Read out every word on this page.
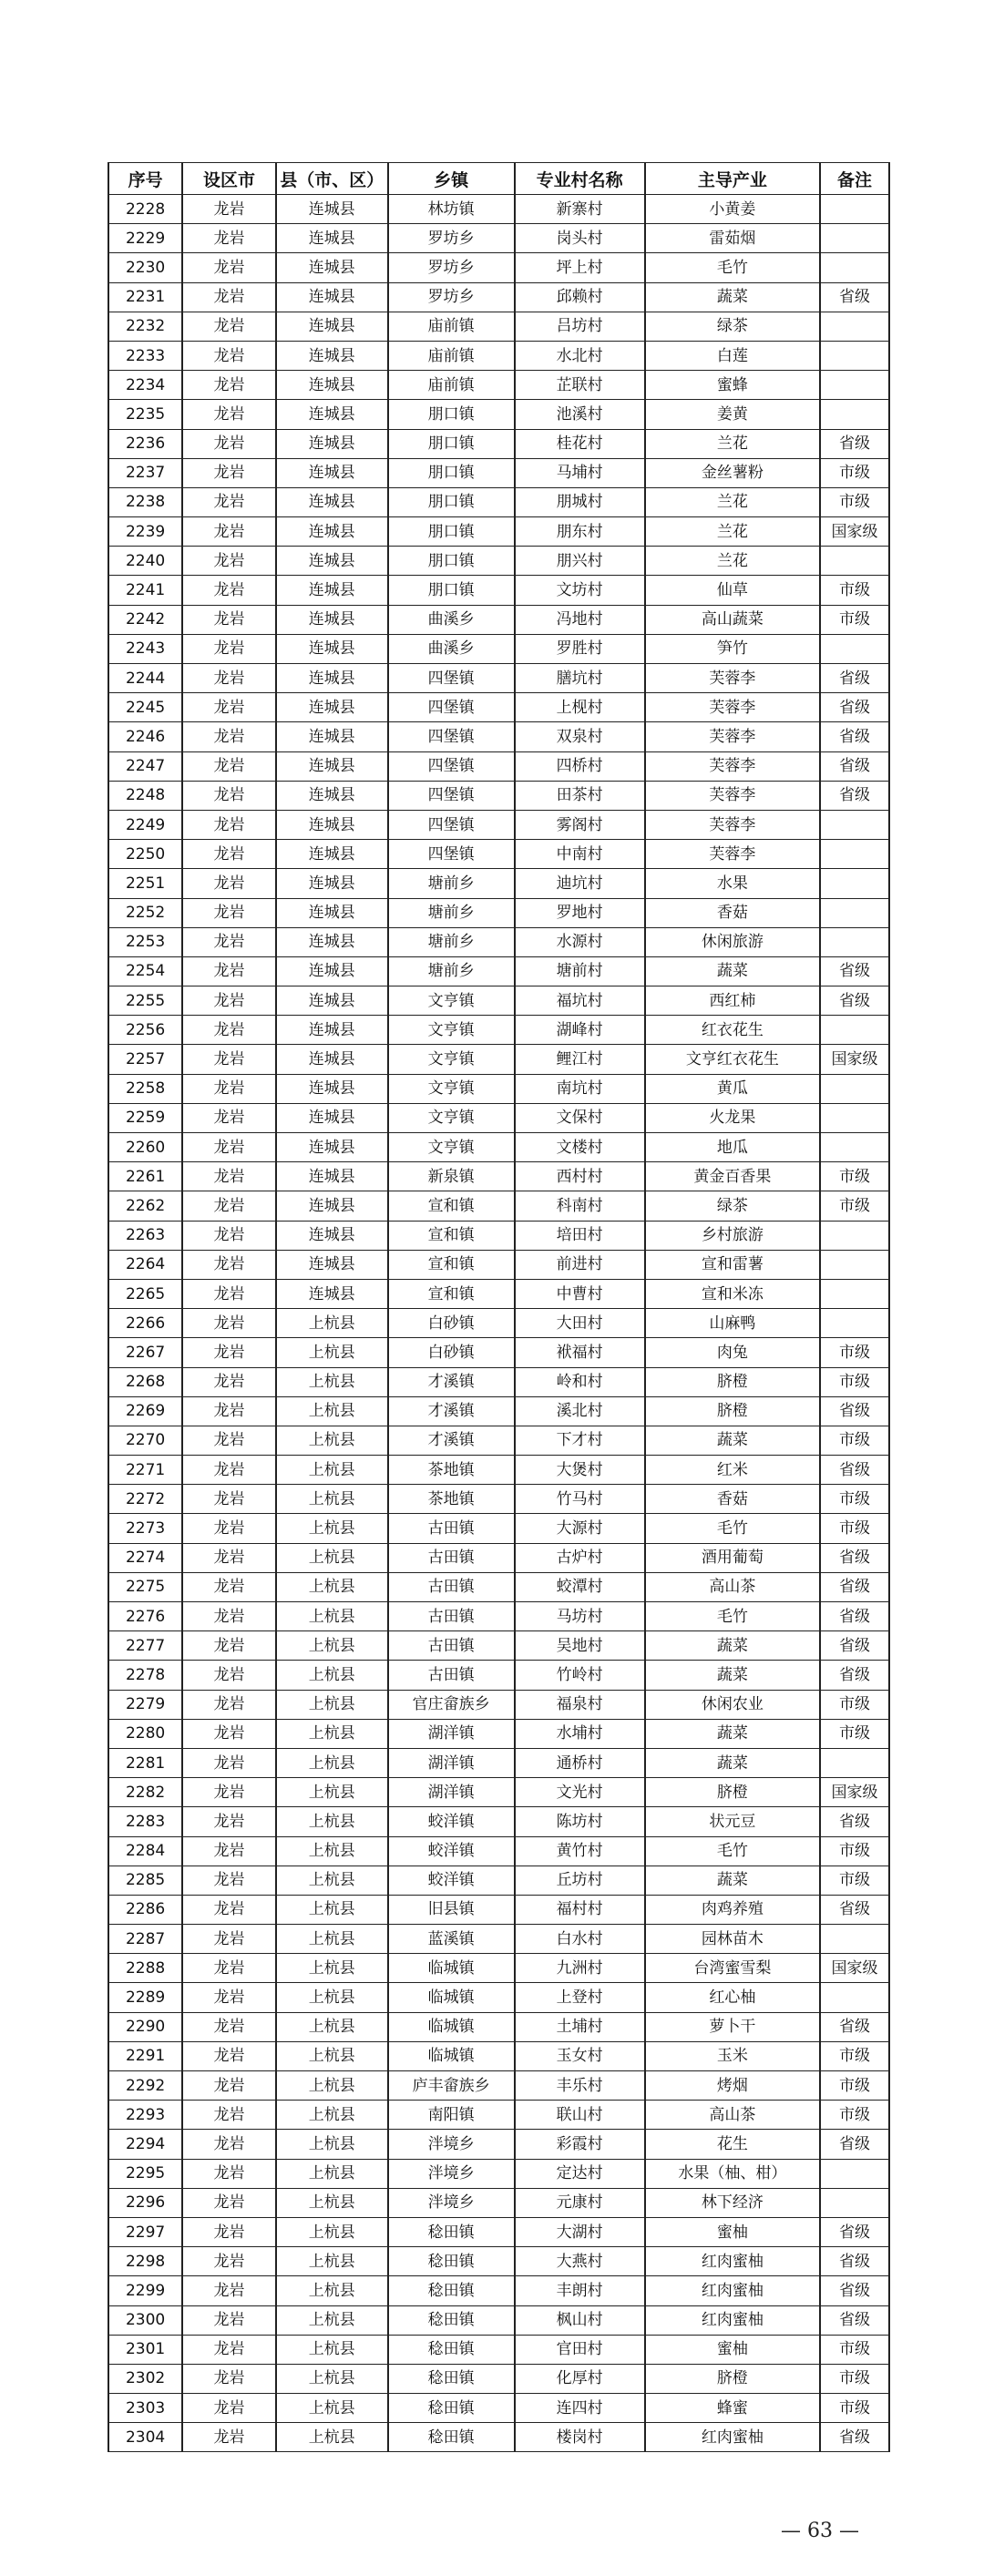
序号	设区市	县（市、区）	乡镇	专业村名称	主导产业	备注
2228	龙岩	连城县	林坊镇	新寨村	小黄姜	
2229	龙岩	连城县	罗坊乡	岗头村	雷茹烟	
2230	龙岩	连城县	罗坊乡	坪上村	毛竹	
2231	龙岩	连城县	罗坊乡	邱赖村	蔬菜	省级
2232	龙岩	连城县	庙前镇	吕坊村	绿茶	
2233	龙岩	连城县	庙前镇	水北村	白莲	
2234	龙岩	连城县	庙前镇	芷联村	蜜蜂	
2235	龙岩	连城县	朋口镇	池溪村	姜黄	
2236	龙岩	连城县	朋口镇	桂花村	兰花	省级
2237	龙岩	连城县	朋口镇	马埔村	金丝薯粉	市级
2238	龙岩	连城县	朋口镇	朋城村	兰花	市级
2239	龙岩	连城县	朋口镇	朋东村	兰花	国家级
2240	龙岩	连城县	朋口镇	朋兴村	兰花	
2241	龙岩	连城县	朋口镇	文坊村	仙草	市级
2242	龙岩	连城县	曲溪乡	冯地村	高山蔬菜	市级
2243	龙岩	连城县	曲溪乡	罗胜村	笋竹	
2244	龙岩	连城县	四堡镇	膳坑村	芙蓉李	省级
2245	龙岩	连城县	四堡镇	上枧村	芙蓉李	省级
2246	龙岩	连城县	四堡镇	双泉村	芙蓉李	省级
2247	龙岩	连城县	四堡镇	四桥村	芙蓉李	省级
2248	龙岩	连城县	四堡镇	田茶村	芙蓉李	省级
2249	龙岩	连城县	四堡镇	雾阁村	芙蓉李	
2250	龙岩	连城县	四堡镇	中南村	芙蓉李	
2251	龙岩	连城县	塘前乡	迪坑村	水果	
2252	龙岩	连城县	塘前乡	罗地村	香菇	
2253	龙岩	连城县	塘前乡	水源村	休闲旅游	
2254	龙岩	连城县	塘前乡	塘前村	蔬菜	省级
2255	龙岩	连城县	文亨镇	福坑村	西红柿	省级
2256	龙岩	连城县	文亨镇	湖峰村	红衣花生	
2257	龙岩	连城县	文亨镇	鲤江村	文亨红衣花生	国家级
2258	龙岩	连城县	文亨镇	南坑村	黄瓜	
2259	龙岩	连城县	文亨镇	文保村	火龙果	
2260	龙岩	连城县	文亨镇	文楼村	地瓜	
2261	龙岩	连城县	新泉镇	西村村	黄金百香果	市级
2262	龙岩	连城县	宣和镇	科南村	绿茶	市级
2263	龙岩	连城县	宣和镇	培田村	乡村旅游	
2264	龙岩	连城县	宣和镇	前进村	宣和雷薯	
2265	龙岩	连城县	宣和镇	中曹村	宣和米冻	
2266	龙岩	上杭县	白砂镇	大田村	山麻鸭	
2267	龙岩	上杭县	白砂镇	袱福村	肉兔	市级
2268	龙岩	上杭县	才溪镇	岭和村	脐橙	市级
2269	龙岩	上杭县	才溪镇	溪北村	脐橙	省级
2270	龙岩	上杭县	才溪镇	下才村	蔬菜	市级
2271	龙岩	上杭县	茶地镇	大煲村	红米	省级
2272	龙岩	上杭县	茶地镇	竹马村	香菇	市级
2273	龙岩	上杭县	古田镇	大源村	毛竹	市级
2274	龙岩	上杭县	古田镇	古炉村	酒用葡萄	省级
2275	龙岩	上杭县	古田镇	蛟潭村	高山茶	省级
2276	龙岩	上杭县	古田镇	马坊村	毛竹	省级
2277	龙岩	上杭县	古田镇	吴地村	蔬菜	省级
2278	龙岩	上杭县	古田镇	竹岭村	蔬菜	省级
2279	龙岩	上杭县	官庄畲族乡	福泉村	休闲农业	市级
2280	龙岩	上杭县	湖洋镇	水埔村	蔬菜	市级
2281	龙岩	上杭县	湖洋镇	通桥村	蔬菜	
2282	龙岩	上杭县	湖洋镇	文光村	脐橙	国家级
2283	龙岩	上杭县	蛟洋镇	陈坊村	状元豆	省级
2284	龙岩	上杭县	蛟洋镇	黄竹村	毛竹	市级
2285	龙岩	上杭县	蛟洋镇	丘坊村	蔬菜	市级
2286	龙岩	上杭县	旧县镇	福村村	肉鸡养殖	省级
2287	龙岩	上杭县	蓝溪镇	白水村	园林苗木	
2288	龙岩	上杭县	临城镇	九洲村	台湾蜜雪梨	国家级
2289	龙岩	上杭县	临城镇	上登村	红心柚	
2290	龙岩	上杭县	临城镇	土埔村	萝卜干	省级
2291	龙岩	上杭县	临城镇	玉女村	玉米	市级
2292	龙岩	上杭县	庐丰畲族乡	丰乐村	烤烟	市级
2293	龙岩	上杭县	南阳镇	联山村	高山茶	市级
2294	龙岩	上杭县	泮境乡	彩霞村	花生	省级
2295	龙岩	上杭县	泮境乡	定达村	水果（柚、柑）	
2296	龙岩	上杭县	泮境乡	元康村	林下经济	
2297	龙岩	上杭县	稔田镇	大湖村	蜜柚	省级
2298	龙岩	上杭县	稔田镇	大燕村	红肉蜜柚	省级
2299	龙岩	上杭县	稔田镇	丰朗村	红肉蜜柚	省级
2300	龙岩	上杭县	稔田镇	枫山村	红肉蜜柚	省级
2301	龙岩	上杭县	稔田镇	官田村	蜜柚	市级
2302	龙岩	上杭县	稔田镇	化厚村	脐橙	市级
2303	龙岩	上杭县	稔田镇	连四村	蜂蜜	市级
2304	龙岩	上杭县	稔田镇	楼岗村	红肉蜜柚	省级
— 63 —
